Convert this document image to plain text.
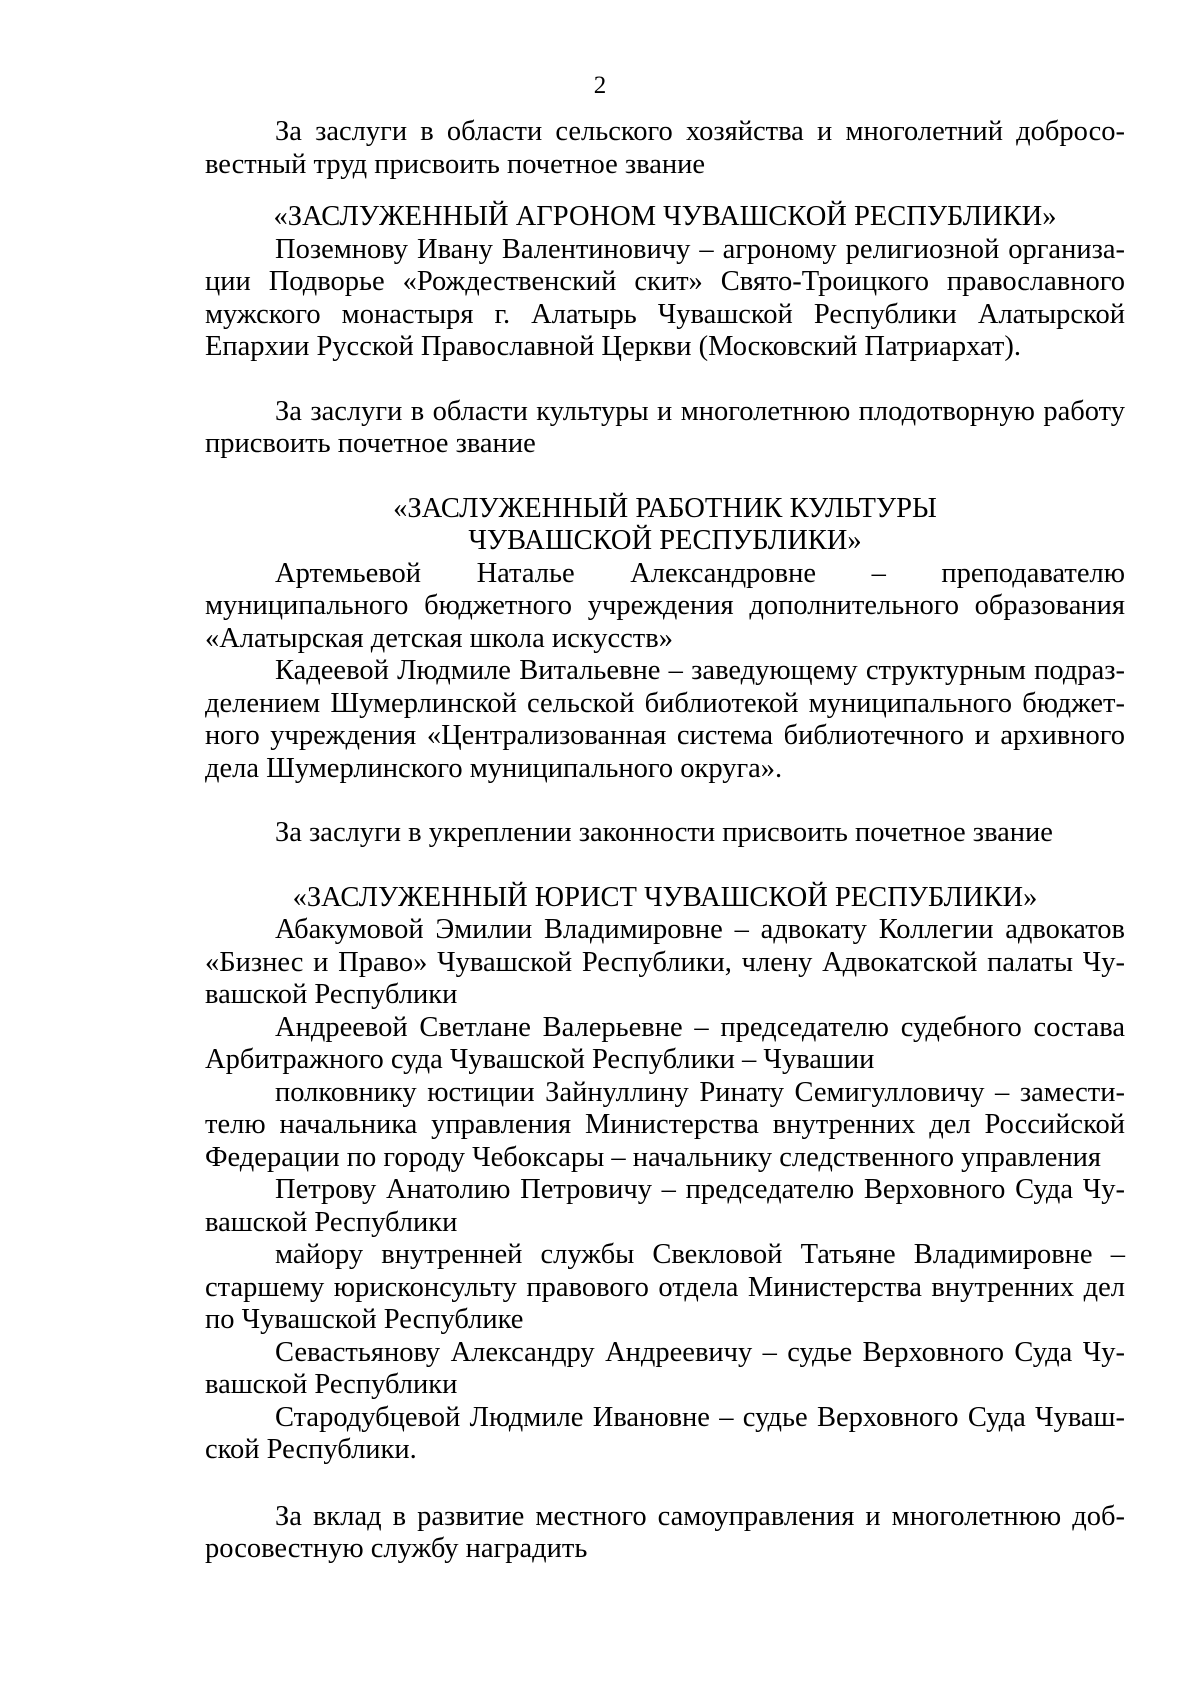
2

За заслуги в области сельского хозяйства и многолетний добросовестный труд присвоить почетное звание

«ЗАСЛУЖЕННЫЙ АГРОНОМ ЧУВАШСКОЙ РЕСПУБЛИКИ»

Поземнову Ивану Валентиновичу – агроному религиозной организации Подворье «Рождественский скит» Свято-Троицкого православного мужского монастыря г. Алатырь Чувашской Республики Алатырской Епархии Русской Православной Церкви (Московский Патриархат).

За заслуги в области культуры и многолетнюю плодотворную работу присвоить почетное звание

«ЗАСЛУЖЕННЫЙ РАБОТНИК КУЛЬТУРЫ

ЧУВАШСКОЙ РЕСПУБЛИКИ»

Артемьевой Наталье Александровне – преподавателю муниципального бюджетного учреждения дополнительного образования «Алатырская детская школа искусств»

Кадеевой Людмиле Витальевне – заведующему структурным подразделением Шумерлинской сельской библиотекой муниципального бюджетного учреждения «Централизованная система библиотечного и архивного дела Шумерлинского муниципального округа».

За заслуги в укреплении законности присвоить почетное звание

«ЗАСЛУЖЕННЫЙ ЮРИСТ ЧУВАШСКОЙ РЕСПУБЛИКИ»

Абакумовой Эмилии Владимировне – адвокату Коллегии адвокатов «Бизнес и Право» Чувашской Республики, члену Адвокатской палаты Чувашской Республики

Андреевой Светлане Валерьевне – председателю судебного состава Арбитражного суда Чувашской Республики – Чувашии

полковнику юстиции Зайнуллину Ринату Семигулловичу – заместителю начальника управления Министерства внутренних дел Российской Федерации по городу Чебоксары – начальнику следственного управления

Петрову Анатолию Петровичу – председателю Верховного Суда Чувашской Республики

майору внутренней службы Свекловой Татьяне Владимировне – старшему юрисконсульту правового отдела Министерства внутренних дел по Чувашской Республике

Севастьянову Александру Андреевичу – судье Верховного Суда Чувашской Республики

Стародубцевой Людмиле Ивановне – судье Верховного Суда Чувашской Республики.

За вклад в развитие местного самоуправления и многолетнюю добросовестную службу наградить
